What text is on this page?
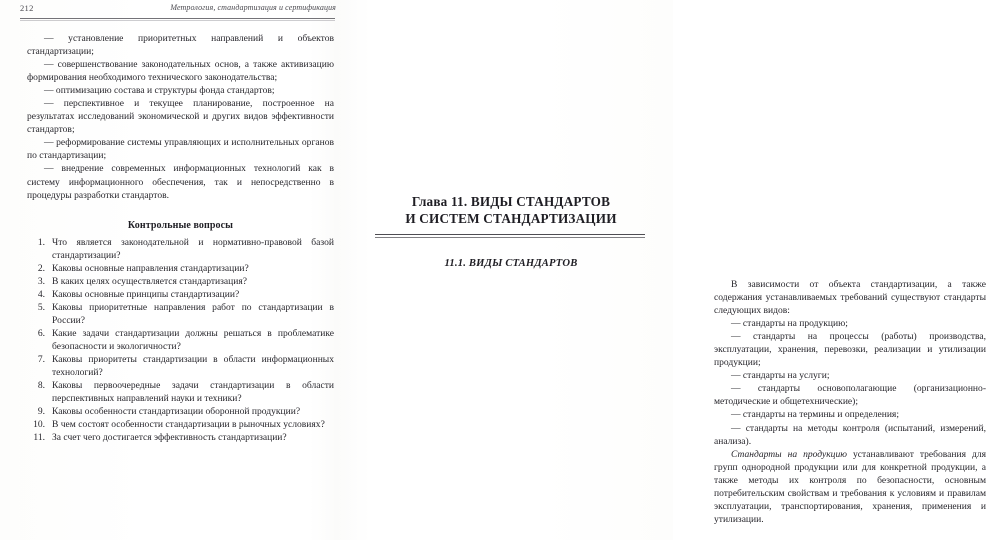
212	Метрология, стандартизация и сертификация

— установление приоритетных направлений и объектов стандартизации;

— совершенствование законодательных основ, а также активизацию формирования необходимого технического законодательства;

— оптимизацию состава и структуры фонда стандартов;

— перспективное и текущее планирование, построенное на результатах исследований экономической и других видов эффективности стандартов;

— реформирование системы управляющих и исполнительных органов по стандартизации;

— внедрение современных информационных технологий как в систему информационного обеспечения, так и непосредственно в процедуры разработки стандартов.

Контрольные вопросы
1. Что является законодательной и нормативно-правовой базой стандартизации?
2. Каковы основные направления стандартизации?
3. В каких целях осуществляется стандартизация?
4. Каковы основные принципы стандартизации?
5. Каковы приоритетные направления работ по стандартизации в России?
6. Какие задачи стандартизации должны решаться в проблематике безопасности и экологичности?
7. Каковы приоритеты стандартизации в области информационных технологий?
8. Каковы первоочередные задачи стандартизации в области перспективных направлений науки и техники?
9. Каковы особенности стандартизации оборонной продукции?
10. В чем состоят особенности стандартизации в рыночных условиях?
11. За счет чего достигается эффективность стандартизации?
Глава 11. ВИДЫ СТАНДАРТОВ
И СИСТЕМ СТАНДАРТИЗАЦИИ
11.1. ВИДЫ СТАНДАРТОВ

В зависимости от объекта стандартизации, а также содержания устанавливаемых требований существуют стандарты следующих видов:

— стандарты на продукцию;

— стандарты на процессы (работы) производства, эксплуатации, хранения, перевозки, реализации и утилизации продукции;

— стандарты на услуги;

— стандарты основополагающие (организационно-методические и общетехнические);

— стандарты на термины и определения;

— стандарты на методы контроля (испытаний, измерений, анализа).

Стандарты на продукцию устанавливают требования для групп однородной продукции или для конкретной продукции, а также методы их контроля по безопасности, основным потребительским свойствам и требования к условиям и правилам эксплуатации, транспортирования, хранения, применения и утилизации.
